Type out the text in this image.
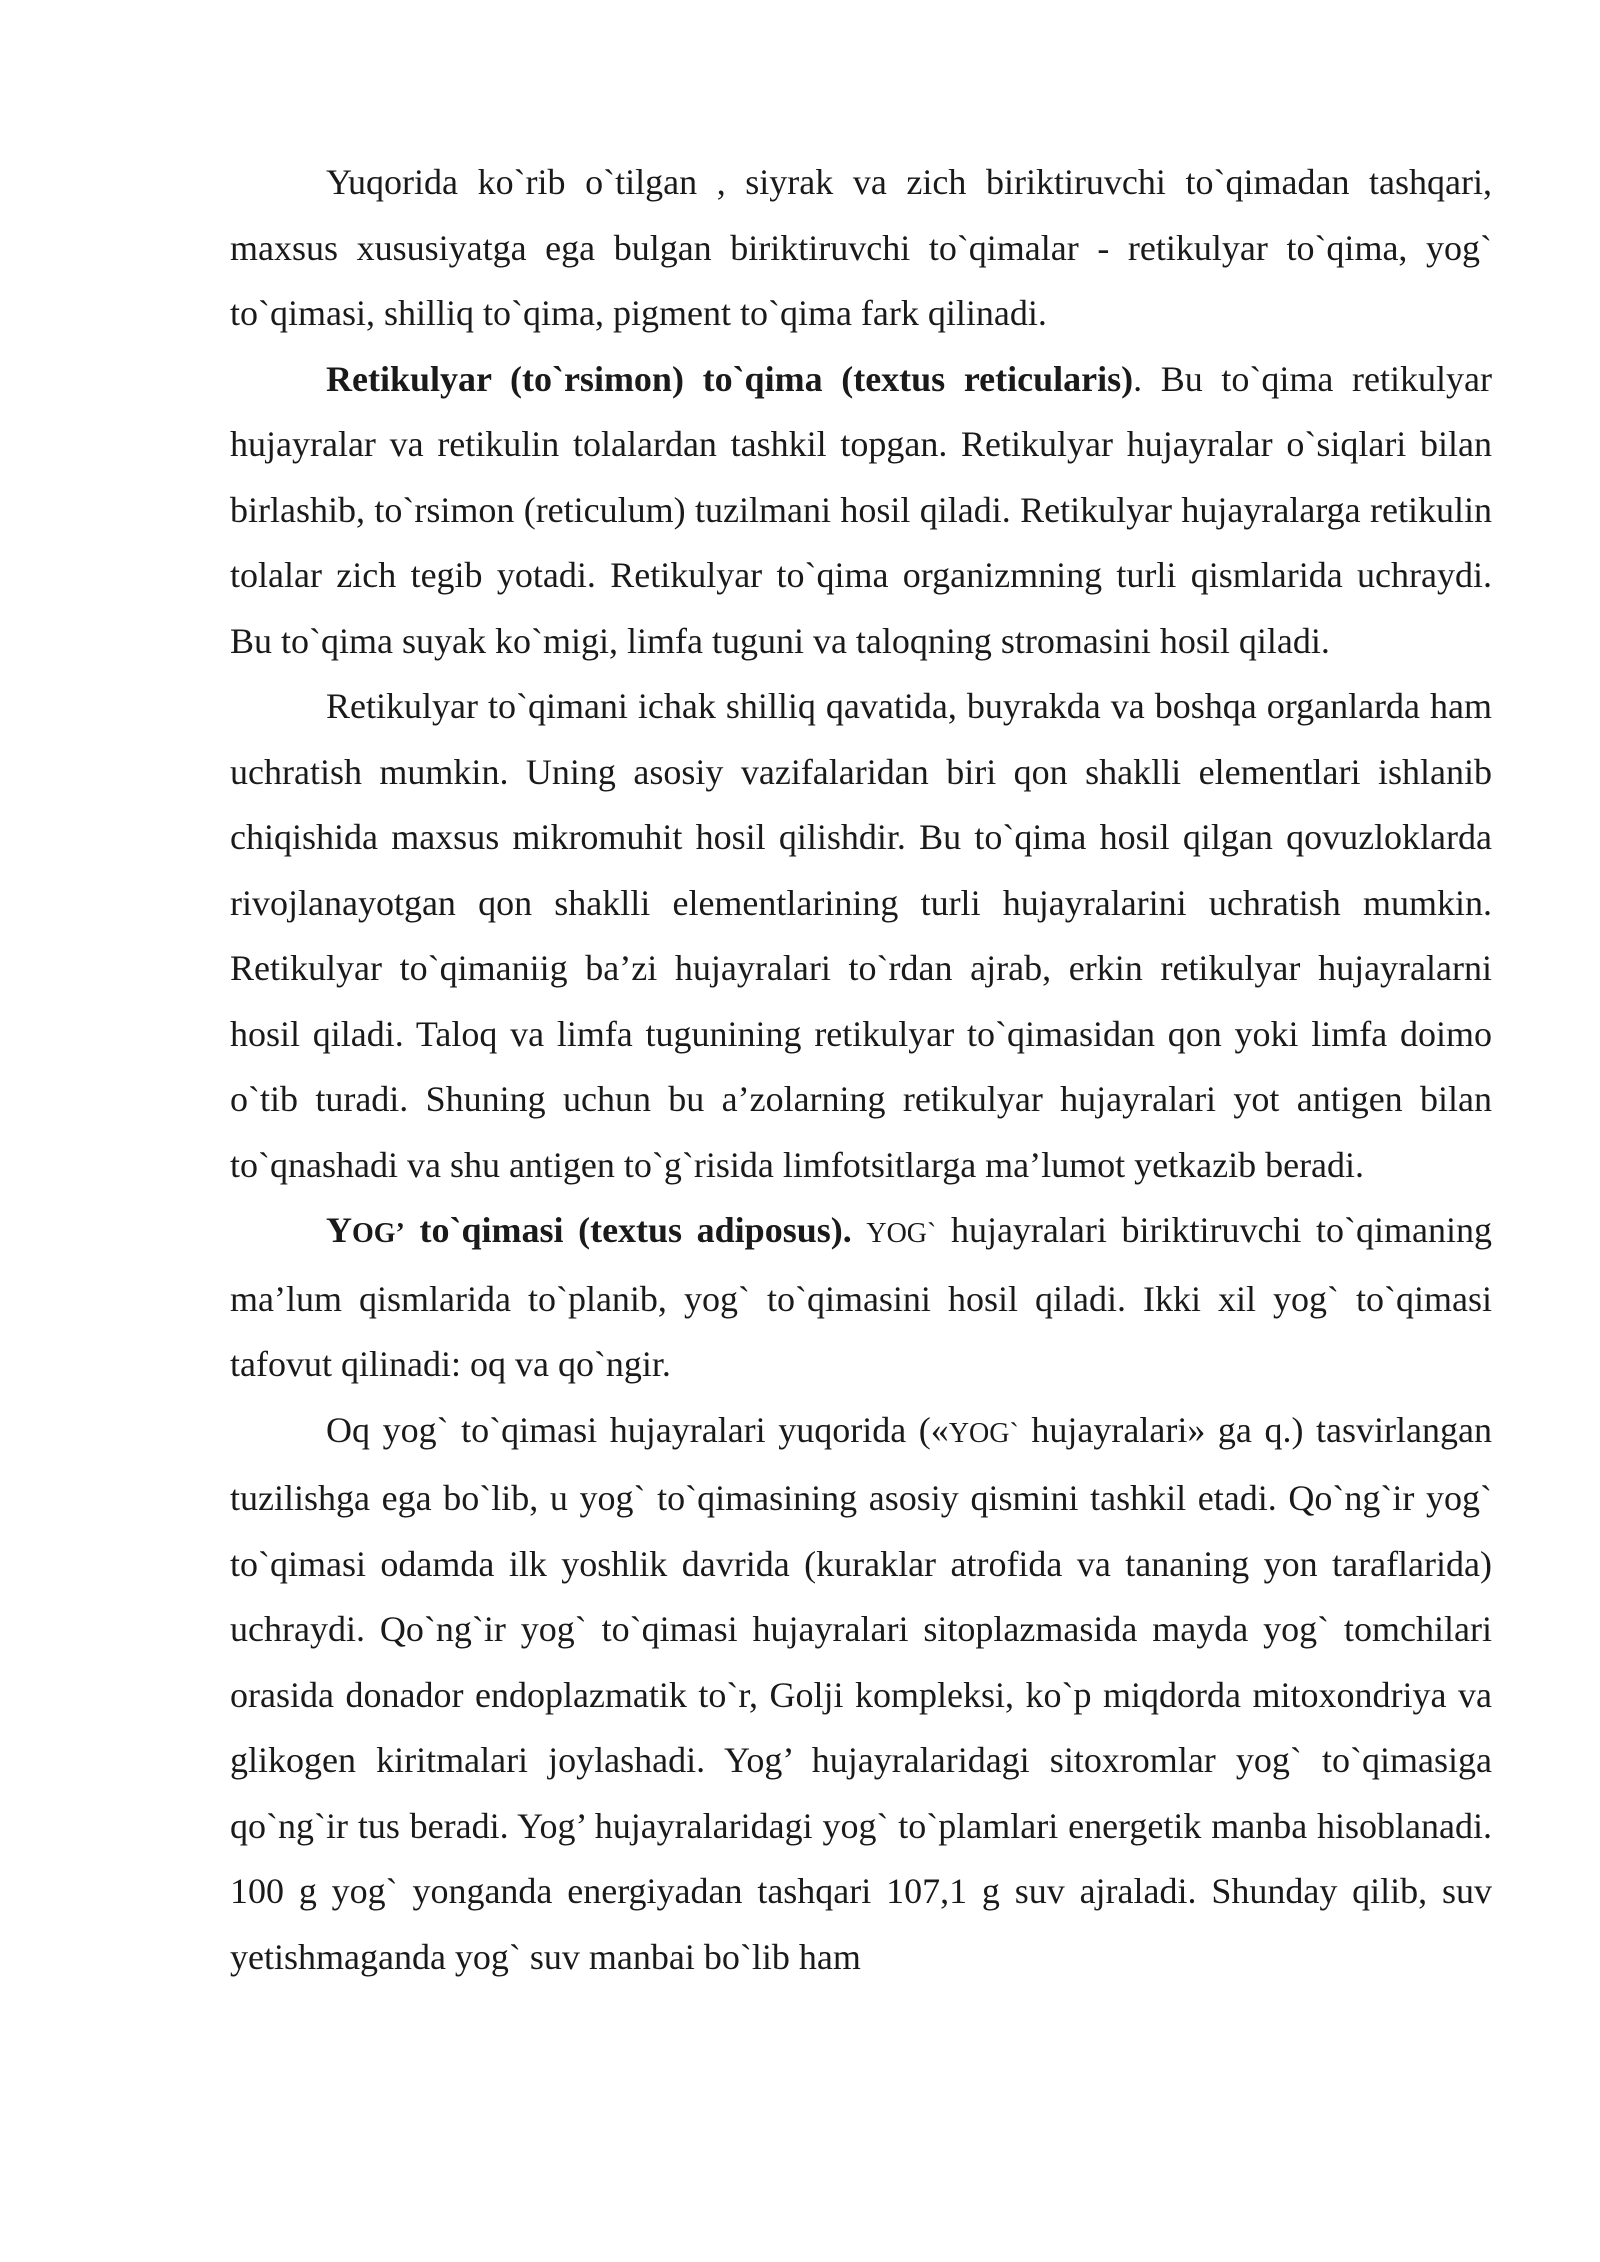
Yuqorida ko`rib o`tilgan , siyrak va zich biriktiruvchi to`qimadan tashqari, maxsus xususiyatga ega bulgan biriktiruvchi to`qimalar - retikulyar to`qima, yog` to`qimasi, shilliq to`qima, pigment to`qima fark qilinadi.

Retikulyar (to`rsimon) to`qima (textus reticularis). Bu to`qima retikulyar hujayralar va retikulin tolalardan tashkil topgan. Retikulyar hujayralar o`siqlari bilan birlashib, to`rsimon (reticulum) tuzilmani hosil qiladi. Retikulyar hujayralarga retikulin tolalar zich tegib yotadi. Retikulyar to`qima organizmning turli qismlarida uchraydi. Bu to`qima suyak ko`migi, limfa tuguni va taloqning stromasini hosil qiladi.

Retikulyar to`qimani ichak shilliq qavatida, buyrakda va boshqa organlarda ham uchratish mumkin. Uning asosiy vazifalaridan biri qon shaklli elementlari ishlanib chiqishida maxsus mikromuhit hosil qilishdir. Bu to`qima hosil qilgan qovuzloklarda rivojlanayotgan qon shaklli elementlarining turli hujayralarini uchratish mumkin. Retikulyar to`qimaniig ba’zi hujayralari to`rdan ajrab, erkin retikulyar hujayralarni hosil qiladi. Taloq va limfa tugunining retikulyar to`qimasidan qon yoki limfa doimo o`tib turadi. Shuning uchun bu a’zolarning retikulyar hujayralari yot antigen bilan to`qnashadi va shu antigen to`g`risida limfotsitlarga ma’lumot yetkazib beradi.

YOG’ to`qimasi (textus adiposus). YOG` hujayralari biriktiruvchi to`qimaning ma’lum qismlarida to`planib, yog` to`qimasini hosil qiladi. Ikki xil yog` to`qimasi tafovut qilinadi: oq va qo`ngir.

Oq yog` to`qimasi hujayralari yuqorida («YOG` hujayralari» ga q.) tasvirlangan tuzilishga ega bo`lib, u yog` to`qimasining asosiy qismini tashkil etadi. Qo`ng`ir yog` to`qimasi odamda ilk yoshlik davrida (kuraklar atrofida va tananing yon taraflarida) uchraydi. Qo`ng`ir yog` to`qimasi hujayralari sitoplazmasida mayda yog` tomchilari orasida donador endoplazmatik to`r, Golji kompleksi, ko`p miqdorda mitoxondriya va glikogen kiritmalari joylashadi. Yog’ hujayralaridagi sitoxromlar yog` to`qimasiga qo`ng`ir tus beradi. Yog’ hujayralaridagi yog` to`plamlari energetik manba hisoblanadi. 100 g yog` yonganda energiyadan tashqari 107,1 g suv ajraladi. Shunday qilib, suv yetishmaganda yog` suv manbai bo`lib ham
